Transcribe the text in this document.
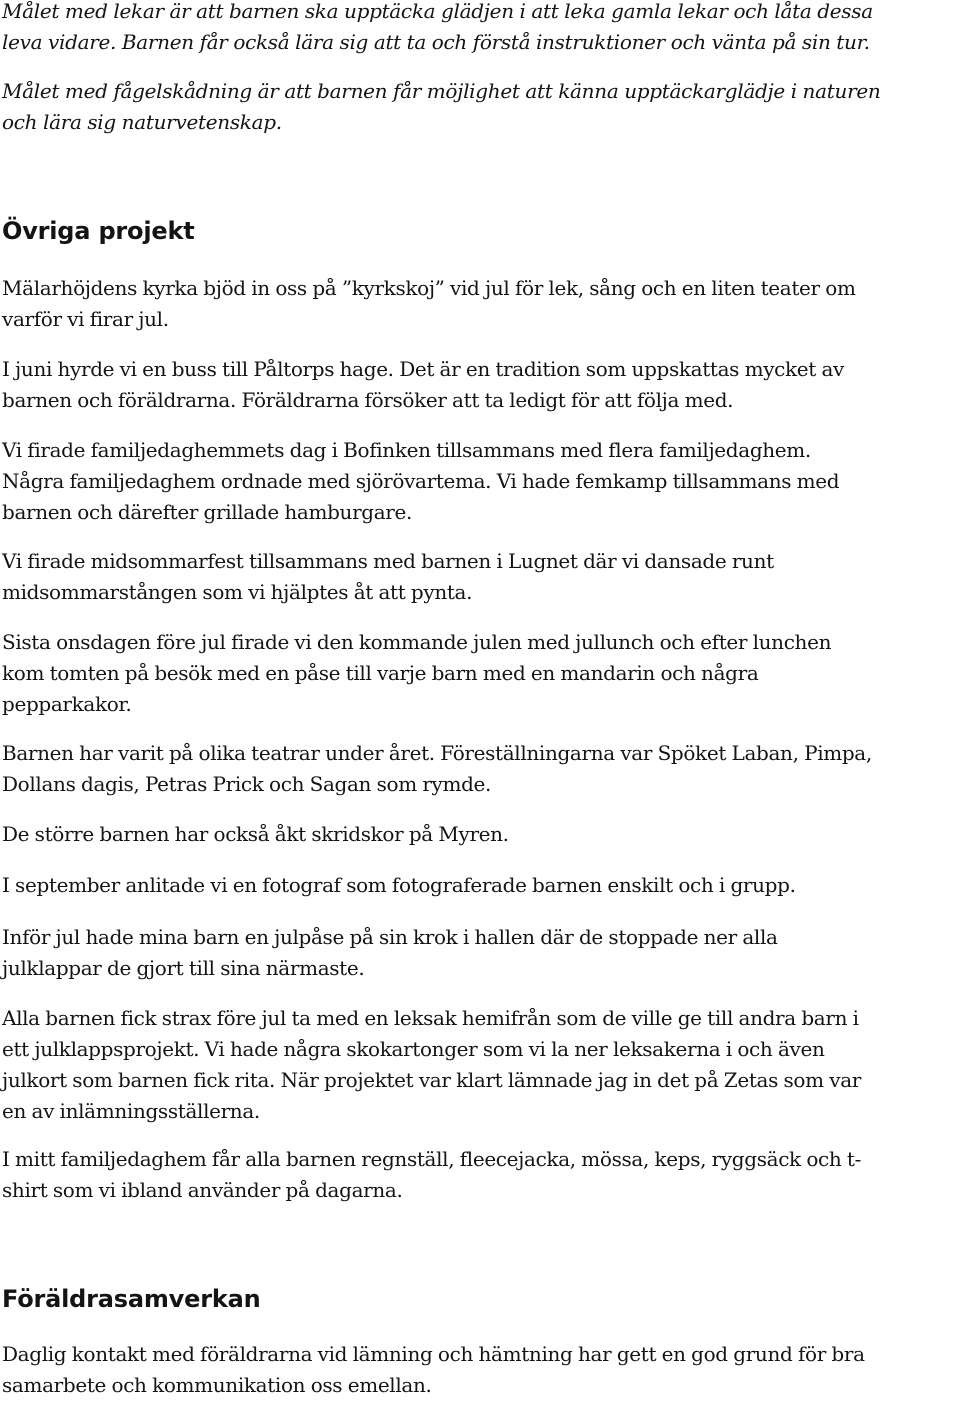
Målet med lekar är att barnen ska upptäcka glädjen i att leka gamla lekar och låta dessa
leva vidare. Barnen får också lära sig att ta och förstå instruktioner och vänta på sin tur.

Målet med fågelskådning är att barnen får möjlighet att känna upptäckarglädje i naturen
och lära sig naturvetenskap.

Övriga projekt

Mälarhöjdens kyrka bjöd in oss på ”kyrkskoj” vid jul för lek, sång och en liten teater om
varför vi firar jul.

I juni hyrde vi en buss till Påltorps hage. Det är en tradition som uppskattas mycket av
barnen och föräldrarna. Föräldrarna försöker att ta ledigt för att följa med.

Vi firade familjedaghemmets dag i Bofinken tillsammans med flera familjedaghem.
Några familjedaghem ordnade med sjörövartema. Vi hade femkamp tillsammans med
barnen och därefter grillade hamburgare.

Vi firade midsommarfest tillsammans med barnen i Lugnet där vi dansade runt
midsommarstången som vi hjälptes åt att pynta.

Sista onsdagen före jul firade vi den kommande julen med jullunch och efter lunchen
kom tomten på besök med en påse till varje barn med en mandarin och några
pepparkakor.

Barnen har varit på olika teatrar under året. Föreställningarna var Spöket Laban, Pimpa,
Dollans dagis, Petras Prick och Sagan som rymde.

De större barnen har också åkt skridskor på Myren.

I september anlitade vi en fotograf som fotograferade barnen enskilt och i grupp.

Inför jul hade mina barn en julpåse på sin krok i hallen där de stoppade ner alla
julklappar de gjort till sina närmaste.

Alla barnen fick strax före jul ta med en leksak hemifrån som de ville ge till andra barn i
ett julklappsprojekt. Vi hade några skokartonger som vi la ner leksakerna i och även
julkort som barnen fick rita. När projektet var klart lämnade jag in det på Zetas som var
en av inlämningsställerna.

I mitt familjedaghem får alla barnen regnställ, fleecejacka, mössa, keps, ryggsäck och t-
shirt som vi ibland använder på dagarna.

Föräldrasamverkan

Daglig kontakt med föräldrarna vid lämning och hämtning har gett en god grund för bra
samarbete och kommunikation oss emellan.
